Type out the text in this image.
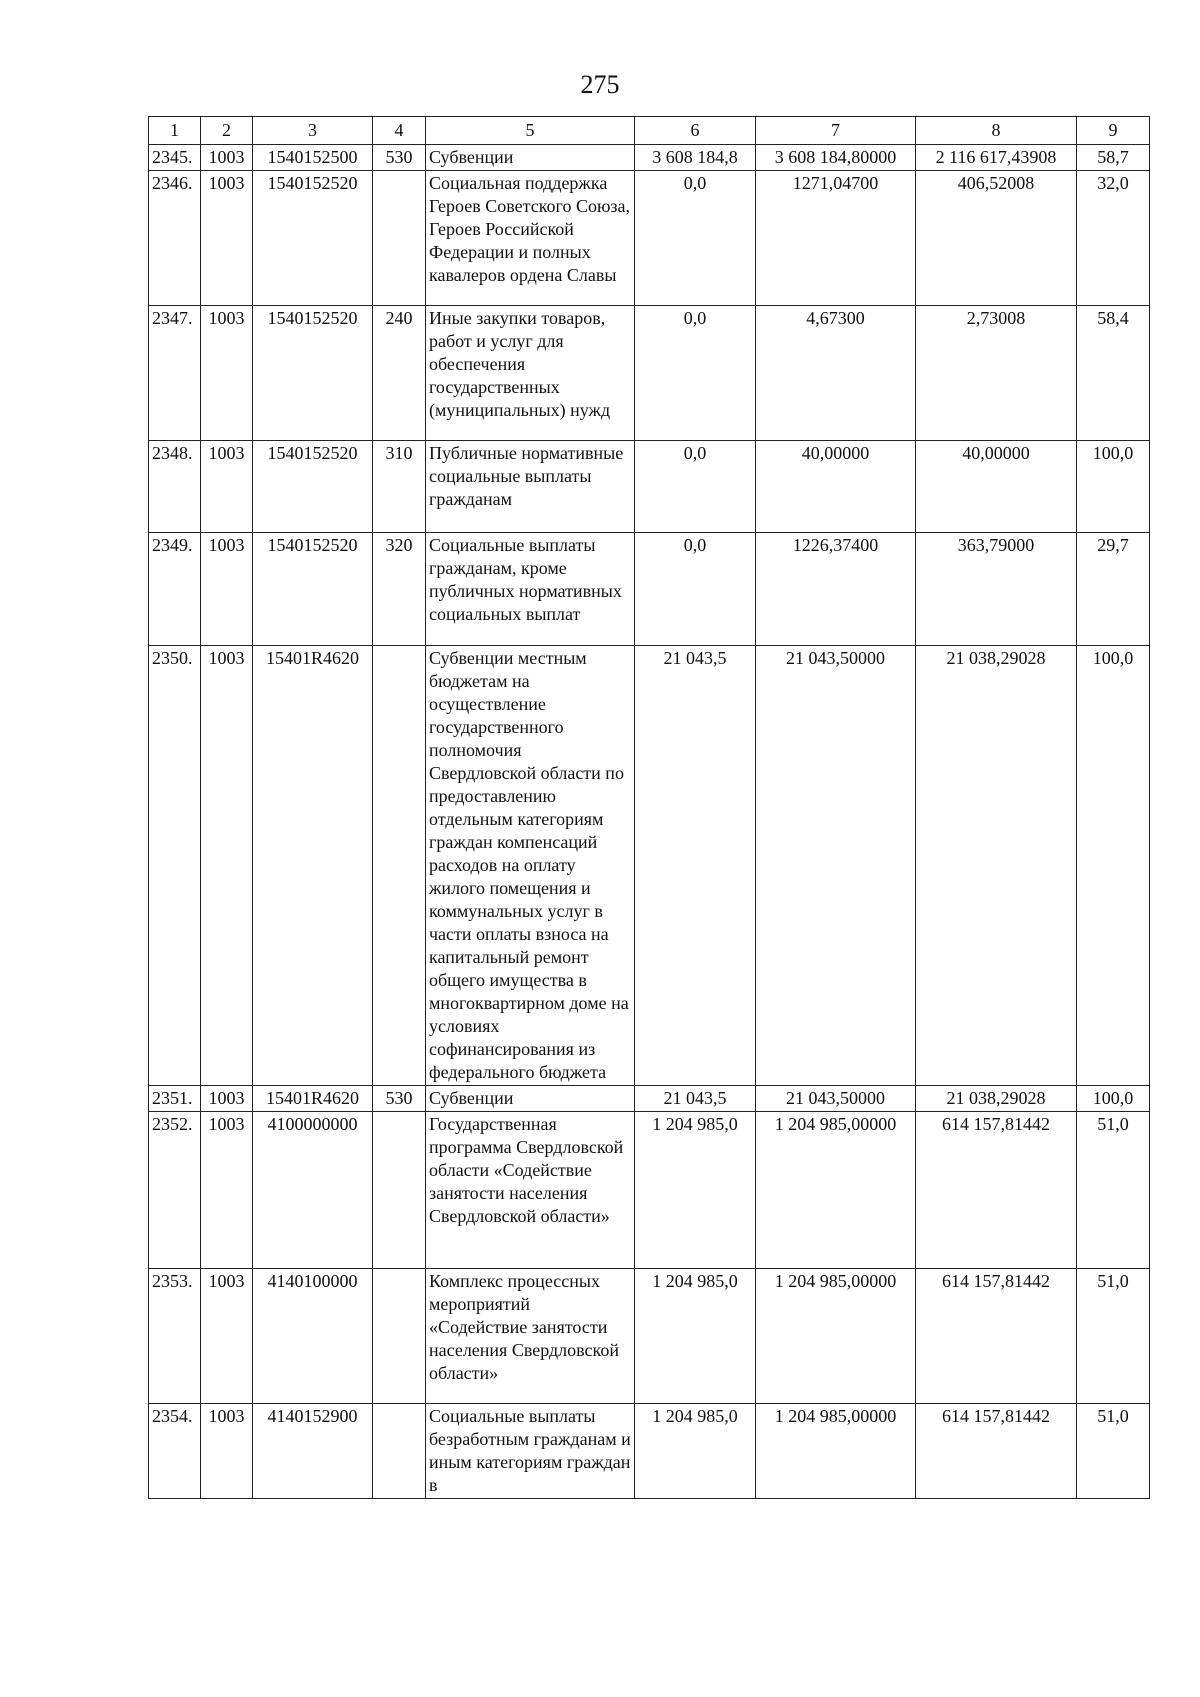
275
1	2	3	4	5	6	7	8	9
2345.	1003	1540152500	530	Субвенции	3 608 184,8	3 608 184,80000	2 116 617,43908	58,7
2346.	1003	1540152520		Социальная поддержка Героев Советского Союза, Героев Российской Федерации и полных кавалеров ордена Славы	0,0	1271,04700	406,52008	32,0
2347.	1003	1540152520	240	Иные закупки товаров, работ и услуг для обеспечения государственных (муниципальных) нужд	0,0	4,67300	2,73008	58,4
2348.	1003	1540152520	310	Публичные нормативные социальные выплаты гражданам	0,0	40,00000	40,00000	100,0
2349.	1003	1540152520	320	Социальные выплаты гражданам, кроме публичных нормативных социальных выплат	0,0	1226,37400	363,79000	29,7
2350.	1003	15401R4620		Субвенции местным бюджетам на осуществление государственного полномочия Свердловской области по предоставлению отдельным категориям граждан компенсаций расходов на оплату жилого помещения и коммунальных услуг в части оплаты взноса на капитальный ремонт общего имущества в многоквартирном доме на условиях софинансирования из федерального бюджета	21 043,5	21 043,50000	21 038,29028	100,0
2351.	1003	15401R4620	530	Субвенции	21 043,5	21 043,50000	21 038,29028	100,0
2352.	1003	4100000000		Государственная программа Свердловской области «Содействие занятости населения Свердловской области»	1 204 985,0	1 204 985,00000	614 157,81442	51,0
2353.	1003	4140100000		Комплекс процессных мероприятий «Содействие занятости населения Свердловской области»	1 204 985,0	1 204 985,00000	614 157,81442	51,0
2354.	1003	4140152900		Социальные выплаты безработным гражданам и иным категориям граждан в	1 204 985,0	1 204 985,00000	614 157,81442	51,0
